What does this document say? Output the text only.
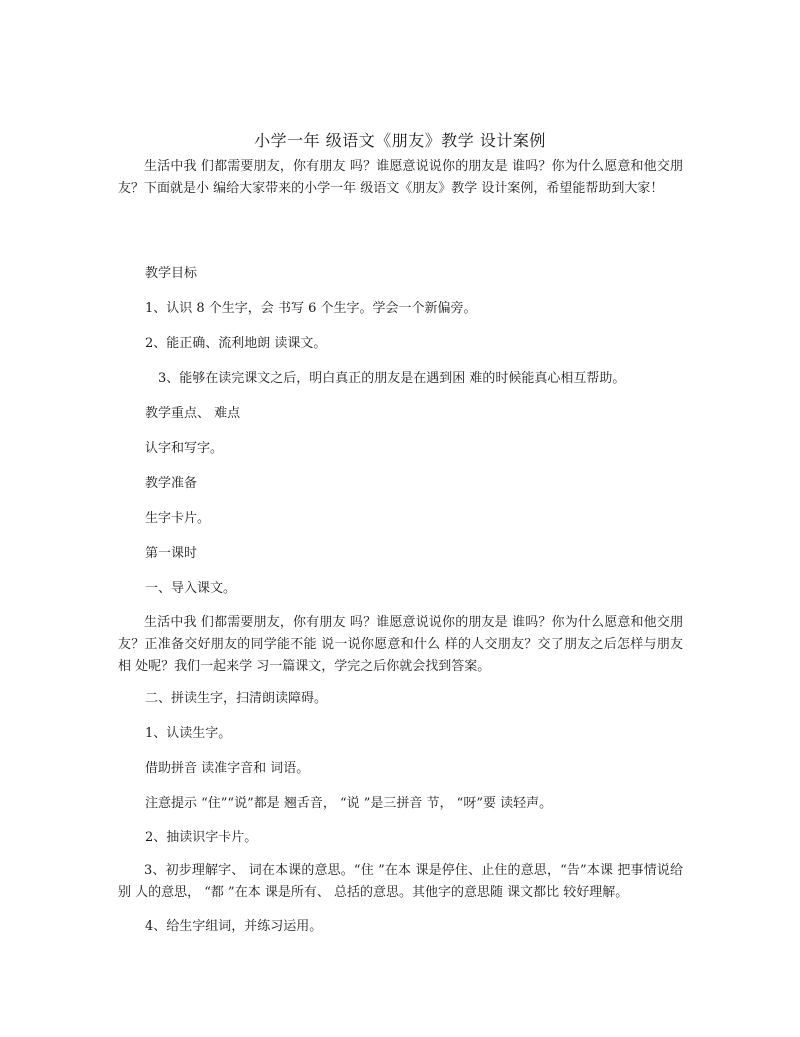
小学一年 级语文《朋友》教学 设计案例
生活中我 们都需要朋友，你有朋友 吗？谁愿意说说你的朋友是 谁吗？你为什么愿意和他交朋友？下面就是小 编给大家带来的小学一年 级语文《朋友》教学 设计案例，希望能帮助到大家！
教学目标
1、认识 8 个生字，会 书写 6 个生字。学会一个新偏旁。
2、能正确、流利地朗 读课文。
3、能够在读完课文之后，明白真正的朋友是在遇到困 难的时候能真心相互帮助。
教学重点、 难点
认字和写字。
教学准备
生字卡片。
第一课时
一、导入课文。
生活中我 们都需要朋友，你有朋友 吗？谁愿意说说你的朋友是 谁吗？你为什么愿意和他交朋友？正准备交好朋友的同学能不能 说一说你愿意和什么 样的人交朋友？交了朋友之后怎样与朋友相 处呢？我们一起来学 习一篇课文，学完之后你就会找到答案。
二、拼读生字，扫清朗读障碍。
1、认读生字。
借助拼音 读准字音和 词语。
注意提示 “住”“说”都是 翘舌音， “说 ”是三拼音 节， “呀”要 读轻声。
2、抽读识字卡片。
3、初步理解字、 词在本课的意思。“住 ”在本 课是停住、止住的意思，“告”本课 把事情说给别 人的意思， “都 ”在本 课是所有、 总括的意思。其他字的意思随 课文都比 较好理解。
4、给生字组词，并练习运用。
